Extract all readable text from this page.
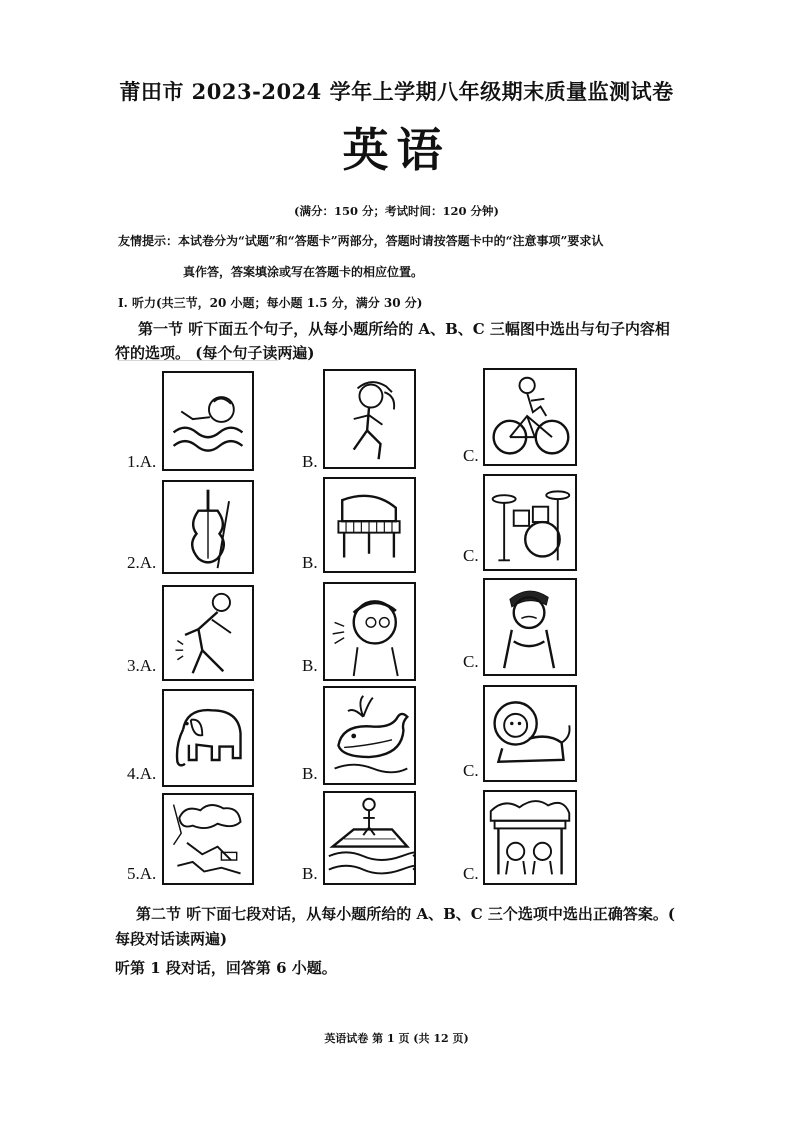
莆田市 2023-2024 学年上学期八年级期末质量监测试卷
英语
(满分：150 分；考试时间：120 分钟)
友情提示：本试卷分为“试题”和“答题卡”两部分，答题时请按答题卡中的“注意事项”要求认
真作答，答案填涂或写在答题卡的相应位置。
I. 听力(共三节，20 小题；每小题 1.5 分，满分 30 分)
第一节 听下面五个句子，从每小题所给的 A、B、C 三幅图中选出与句子内容相
符的选项。 (每个句子读两遍)
1.A.	B.	C.
2.A.	B.	C.
3.A.	B.	C.
4.A.	B.	C.
5.A.	B.	C.
第二节 听下面七段对话，从每小题所给的 A、B、C 三个选项中选出正确答案。(
每段对话读两遍)
听第 1 段对话，回答第 6 小题。
英语试卷 第 1 页 (共 12 页)
